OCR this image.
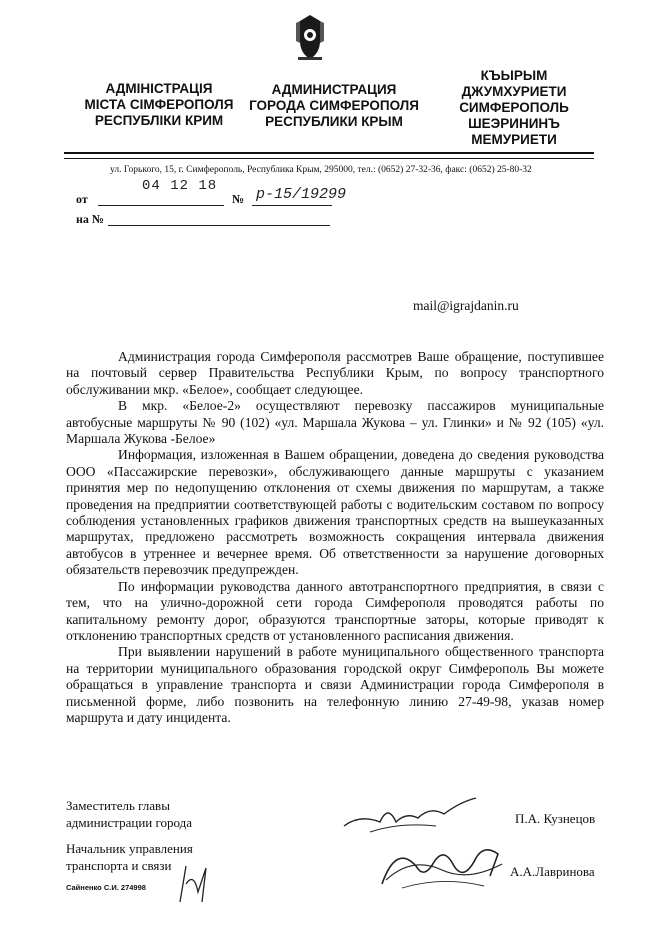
АДМІНІСТРАЦІЯ
МІСТА СІМФЕРОПОЛЯ
РЕСПУБЛІКИ КРИМ
АДМИНИСТРАЦИЯ
ГОРОДА СИМФЕРОПОЛЯ
РЕСПУБЛИКИ КРЫМ
КЪЫРЫМ
ДЖУМХУРИЕТИ
СИМФЕРОПОЛЬ
ШЕЭРИНИНЪ
МЕМУРИЕТИ
ул. Горького, 15, г. Симферополь, Республика Крым, 295000, тел.: (0652) 27-32-36, факс: (0652) 25-80-32
от
04 12 18
№ р-15/19299
на №
mail@igrajdanin.ru

Администрация города Симферополя рассмотрев Ваше обращение, поступившее на почтовый сервер Правительства Республики Крым, по вопросу транспортного обслуживании мкр. «Белое», сообщает следующее.

В мкр. «Белое-2» осуществляют перевозку пассажиров муниципальные автобусные маршруты № 90 (102) «ул. Маршала Жукова – ул. Глинки» и № 92 (105) «ул. Маршала Жукова -Белое»

Информация, изложенная в Вашем обращении, доведена до сведения руководства ООО «Пассажирские перевозки», обслуживающего данные маршруты с указанием принятия мер по недопущению отклонения от схемы движения по маршрутам, а также проведения на предприятии соответствующей работы с водительским составом по вопросу соблюдения установленных графиков движения транспортных средств на вышеуказанных маршрутах, предложено рассмотреть возможность сокращения интервала движения автобусов в утреннее и вечернее время. Об ответственности за нарушение договорных обязательств перевозчик предупрежден.

По информации руководства данного автотранспортного предприятия, в связи с тем, что на улично-дорожной сети города Симферополя проводятся работы по капитальному ремонту дорог, образуются транспортные заторы, которые приводят к отклонению транспортных средств от установленного расписания движения.

При выявлении нарушений в работе муниципального общественного транспорта на территории муниципального образования городской округ Симферополь Вы можете обращаться в управление транспорта и связи Администрации города Симферополя в письменной форме, либо позвонить на телефонную линию 27-49-98, указав номер маршрута и дату инцидента.

Заместитель главы
администрации города	П.А. Кузнецов
Начальник управления
транспорта и связи	А.А.Лавринова
Сайненко С.И. 274998
